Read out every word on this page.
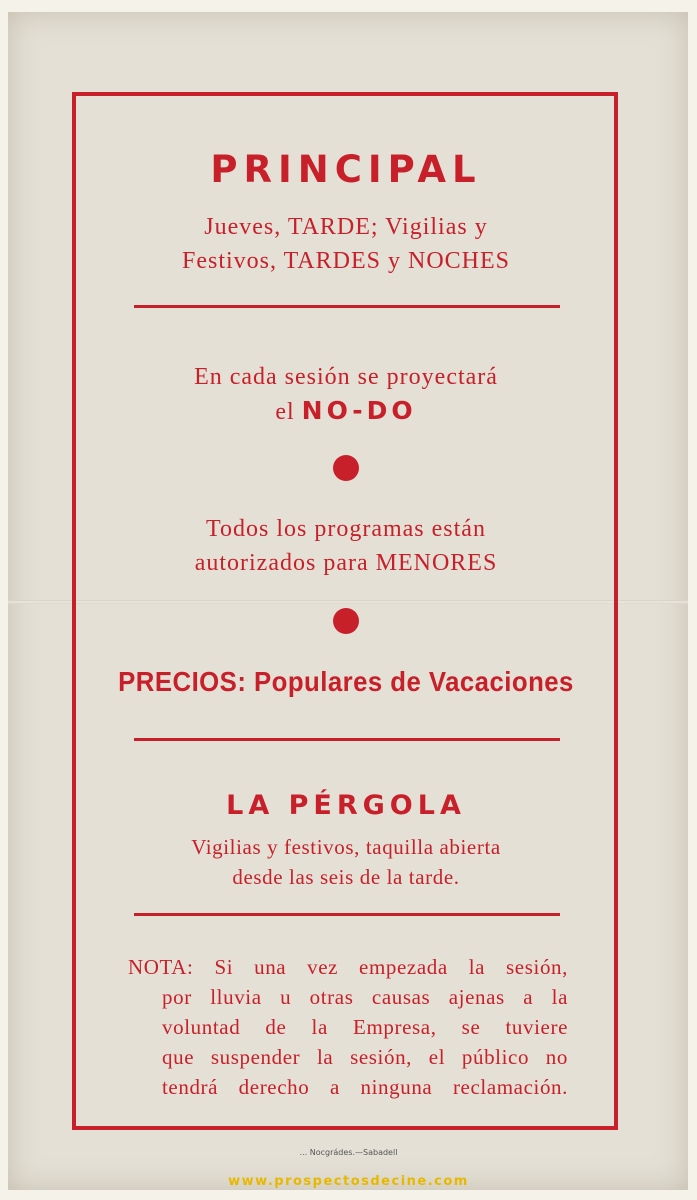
PRINCIPAL
Jueves, TARDE; Vigilias y
Festivos, TARDES y NOCHES
En cada sesión se proyectará
el NO-DO
Todos los programas están
autorizados para MENORES
PRECIOS: Populares de Vacaciones
LA PÉRGOLA
Vigilias y festivos, taquilla abierta
desde las seis de la tarde.
NOTA: Si una vez empezada la sesión,
por lluvia u otras causas ajenas a la
voluntad de la Empresa, se tuviere
que suspender la sesión, el público no
tendrá derecho a ninguna reclamación.
... Nocgrádes.—Sabadell
www.prospectosdecine.com
